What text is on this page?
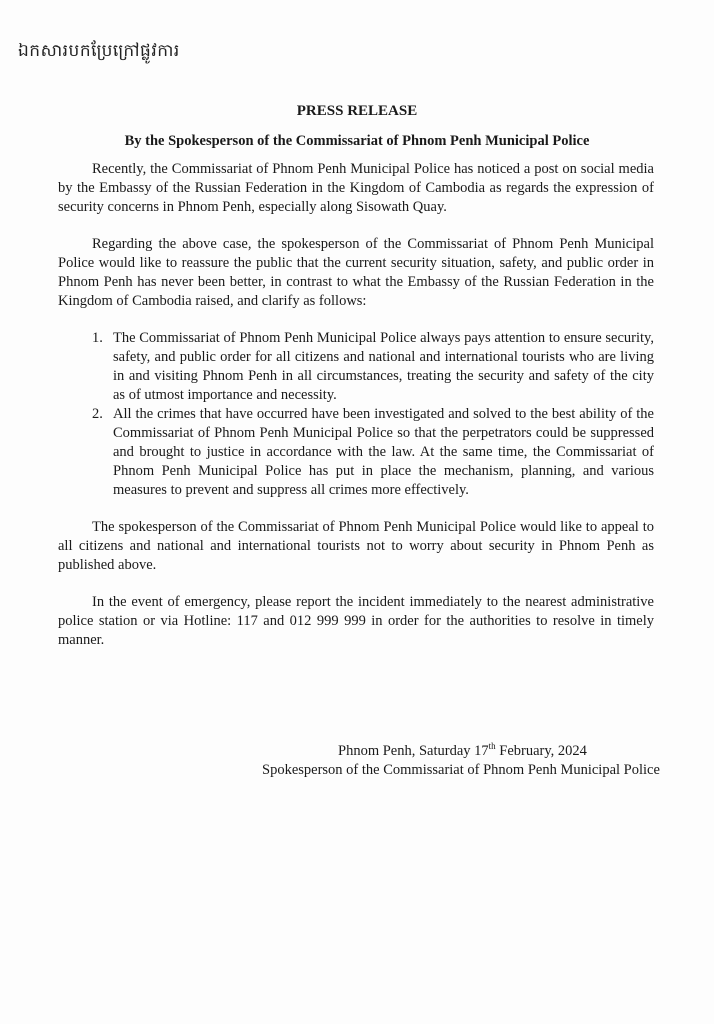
ឯកសារបកប្រែក្រៅផ្លូវការ
PRESS RELEASE
By the Spokesperson of the Commissariat of Phnom Penh Municipal Police

Recently, the Commissariat of Phnom Penh Municipal Police has noticed a post on social media by the Embassy of the Russian Federation in the Kingdom of Cambodia as regards the expression of security concerns in Phnom Penh, especially along Sisowath Quay.

Regarding the above case, the spokesperson of the Commissariat of Phnom Penh Municipal Police would like to reassure the public that the current security situation, safety, and public order in Phnom Penh has never been better, in contrast to what the Embassy of the Russian Federation in the Kingdom of Cambodia raised, and clarify as follows:

1. The Commissariat of Phnom Penh Municipal Police always pays attention to ensure security, safety, and public order for all citizens and national and international tourists who are living in and visiting Phnom Penh in all circumstances, treating the security and safety of the city as of utmost importance and necessity.
2. All the crimes that have occurred have been investigated and solved to the best ability of the Commissariat of Phnom Penh Municipal Police so that the perpetrators could be suppressed and brought to justice in accordance with the law. At the same time, the Commissariat of Phnom Penh Municipal Police has put in place the mechanism, planning, and various measures to prevent and suppress all crimes more effectively.

The spokesperson of the Commissariat of Phnom Penh Municipal Police would like to appeal to all citizens and national and international tourists not to worry about security in Phnom Penh as published above.

In the event of emergency, please report the incident immediately to the nearest administrative police station or via Hotline: 117 and 012 999 999 in order for the authorities to resolve in timely manner.

Phnom Penh, Saturday 17th February, 2024
Spokesperson of the Commissariat of Phnom Penh Municipal Police
